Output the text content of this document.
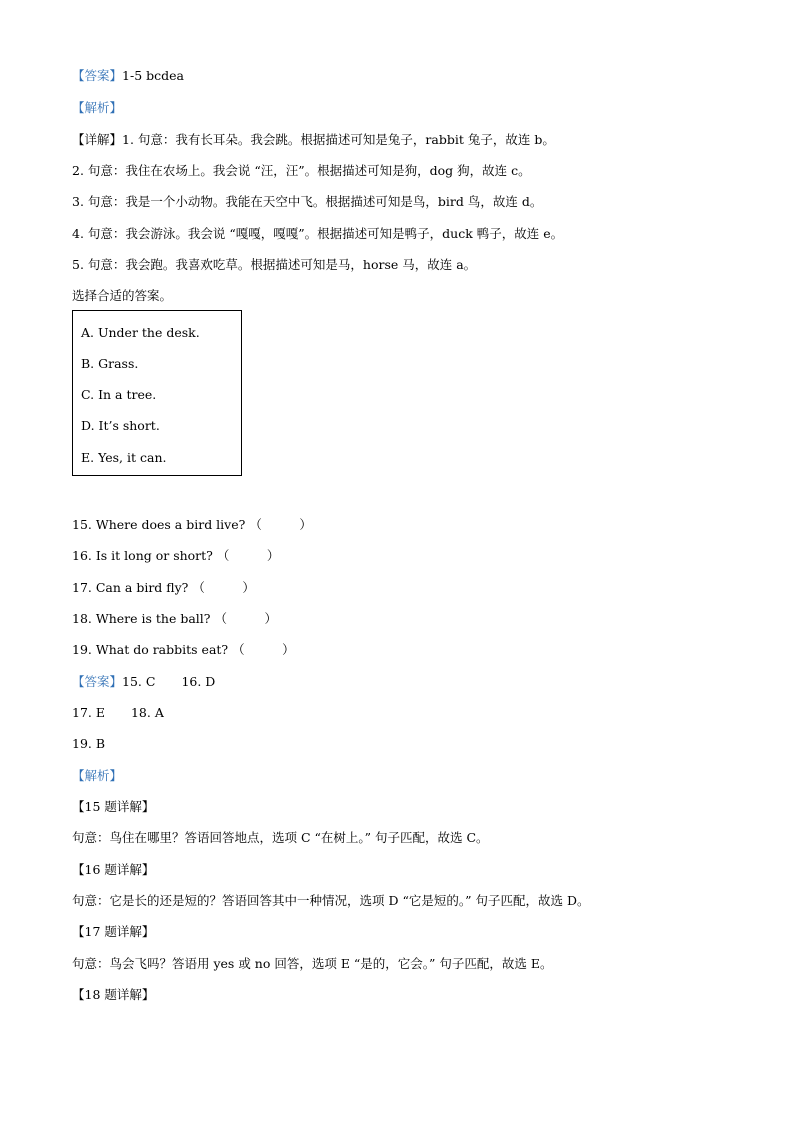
【答案】1-5 bcdea
【解析】
【详解】1. 句意：我有长耳朵。我会跳。根据描述可知是兔子，rabbit 兔子，故连 b。
2. 句意：我住在农场上。我会说 “汪，汪”。根据描述可知是狗，dog 狗，故连 c。
3. 句意：我是一个小动物。我能在天空中飞。根据描述可知是鸟，bird 鸟，故连 d。
4. 句意：我会游泳。我会说 “嘎嘎，嘎嘎”。根据描述可知是鸭子，duck 鸭子，故连 e。
5. 句意：我会跑。我喜欢吃草。根据描述可知是马，horse 马，故连 a。
选择合适的答案。
A. Under the desk.
B. Grass.
C. In a tree.
D. It’s short.
E. Yes, it can.
15. Where does a bird live? （　　　）
16. Is it long or short? （　　　）
17. Can a bird fly? （　　　）
18. Where is the ball? （　　　）
19. What do rabbits eat? （　　　）
【答案】15. C 16. D
17. E 18. A
19. B
【解析】
【15 题详解】
句意：鸟住在哪里？答语回答地点，选项 C “在树上。” 句子匹配，故选 C。
【16 题详解】
句意：它是长的还是短的？答语回答其中一种情况，选项 D “它是短的。” 句子匹配，故选 D。
【17 题详解】
句意：鸟会飞吗？答语用 yes 或 no 回答，选项 E “是的，它会。” 句子匹配，故选 E。
【18 题详解】
